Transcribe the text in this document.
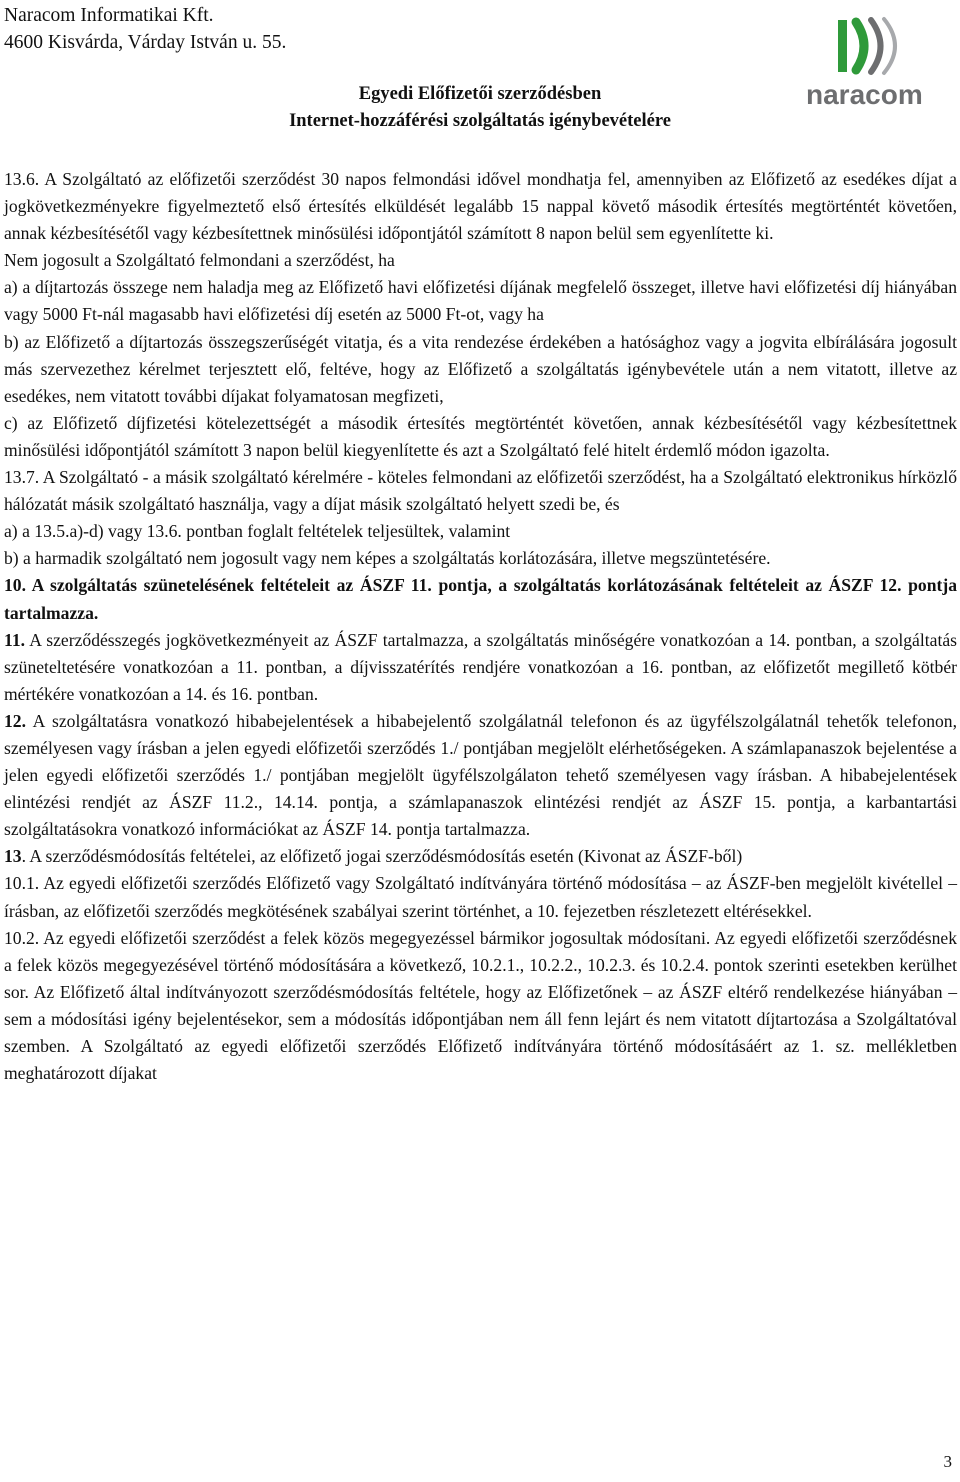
Naracom Informatikai Kft.
4600 Kisvárda, Várday István u. 55.
Egyedi Előfizetői szerződésben
Internet-hozzáférési szolgáltatás igénybevételére
naracom

13.6. A Szolgáltató az előfizetői szerződést 30 napos felmondási idővel mondhatja fel, amennyiben az Előfizető az esedékes díjat a jogkövetkezményekre figyelmeztető első értesítés elküldését legalább 15 nappal követő második értesítés megtörténtét követően, annak kézbesítésétől vagy kézbesítettnek minősülési időpontjától számított 8 napon belül sem egyenlítette ki.

Nem jogosult a Szolgáltató felmondani a szerződést, ha

a) a díjtartozás összege nem haladja meg az Előfizető havi előfizetési díjának megfelelő összeget, illetve havi előfizetési díj hiányában vagy 5000 Ft-nál magasabb havi előfizetési díj esetén az 5000 Ft-ot, vagy ha

b) az Előfizető a díjtartozás összegszerűségét vitatja, és a vita rendezése érdekében a hatósághoz vagy a jogvita elbírálására jogosult más szervezethez kérelmet terjesztett elő, feltéve, hogy az Előfizető a szolgáltatás igénybevétele után a nem vitatott, illetve az esedékes, nem vitatott további díjakat folyamatosan megfizeti,

c) az Előfizető díjfizetési kötelezettségét a második értesítés megtörténtét követően, annak kézbesítésétől vagy kézbesítettnek minősülési időpontjától számított 3 napon belül kiegyenlítette és azt a Szolgáltató felé hitelt érdemlő módon igazolta.

13.7. A Szolgáltató - a másik szolgáltató kérelmére - köteles felmondani az előfizetői szerződést, ha a Szolgáltató elektronikus hírközlő hálózatát másik szolgáltató használja, vagy a díjat másik szolgáltató helyett szedi be, és

a) a 13.5.a)-d) vagy 13.6. pontban foglalt feltételek teljesültek, valamint

b) a harmadik szolgáltató nem jogosult vagy nem képes a szolgáltatás korlátozására, illetve megszüntetésére.

10. A szolgáltatás szünetelésének feltételeit az ÁSZF 11. pontja, a szolgáltatás korlátozásának feltételeit az ÁSZF 12. pontja tartalmazza.

11. A szerződésszegés jogkövetkezményeit az ÁSZF tartalmazza, a szolgáltatás minőségére vonatkozóan a 14. pontban, a szolgáltatás szüneteltetésére vonatkozóan a 11. pontban, a díjvisszatérítés rendjére vonatkozóan a 16. pontban, az előfizetőt megillető kötbér mértékére vonatkozóan a 14. és 16. pontban.

12. A szolgáltatásra vonatkozó hibabejelentések a hibabejelentő szolgálatnál telefonon és az ügyfélszolgálatnál tehetők telefonon, személyesen vagy írásban a jelen egyedi előfizetői szerződés 1./ pontjában megjelölt elérhetőségeken. A számlapanaszok bejelentése a jelen egyedi előfizetői szerződés 1./ pontjában megjelölt ügyfélszolgálaton tehető személyesen vagy írásban. A hibabejelentések elintézési rendjét az ÁSZF 11.2., 14.14. pontja, a számlapanaszok elintézési rendjét az ÁSZF 15. pontja, a karbantartási szolgáltatásokra vonatkozó információkat az ÁSZF 14. pontja tartalmazza.

13. A szerződésmódosítás feltételei, az előfizető jogai szerződésmódosítás esetén (Kivonat az ÁSZF-ből)

10.1. Az egyedi előfizetői szerződés Előfizető vagy Szolgáltató indítványára történő módosítása – az ÁSZF-ben megjelölt kivétellel – írásban, az előfizetői szerződés megkötésének szabályai szerint történhet, a 10. fejezetben részletezett eltérésekkel.

10.2. Az egyedi előfizetői szerződést a felek közös megegyezéssel bármikor jogosultak módosítani. Az egyedi előfizetői szerződésnek a felek közös megegyezésével történő módosítására a következő, 10.2.1., 10.2.2., 10.2.3. és 10.2.4. pontok szerinti esetekben kerülhet sor. Az Előfizető által indítványozott szerződésmódosítás feltétele, hogy az Előfizetőnek – az ÁSZF eltérő rendelkezése hiányában – sem a módosítási igény bejelentésekor, sem a módosítás időpontjában nem áll fenn lejárt és nem vitatott díjtartozása a Szolgáltatóval szemben. A Szolgáltató az egyedi előfizetői szerződés Előfizető indítványára történő módosításáért az 1. sz. mellékletben meghatározott díjakat

3
